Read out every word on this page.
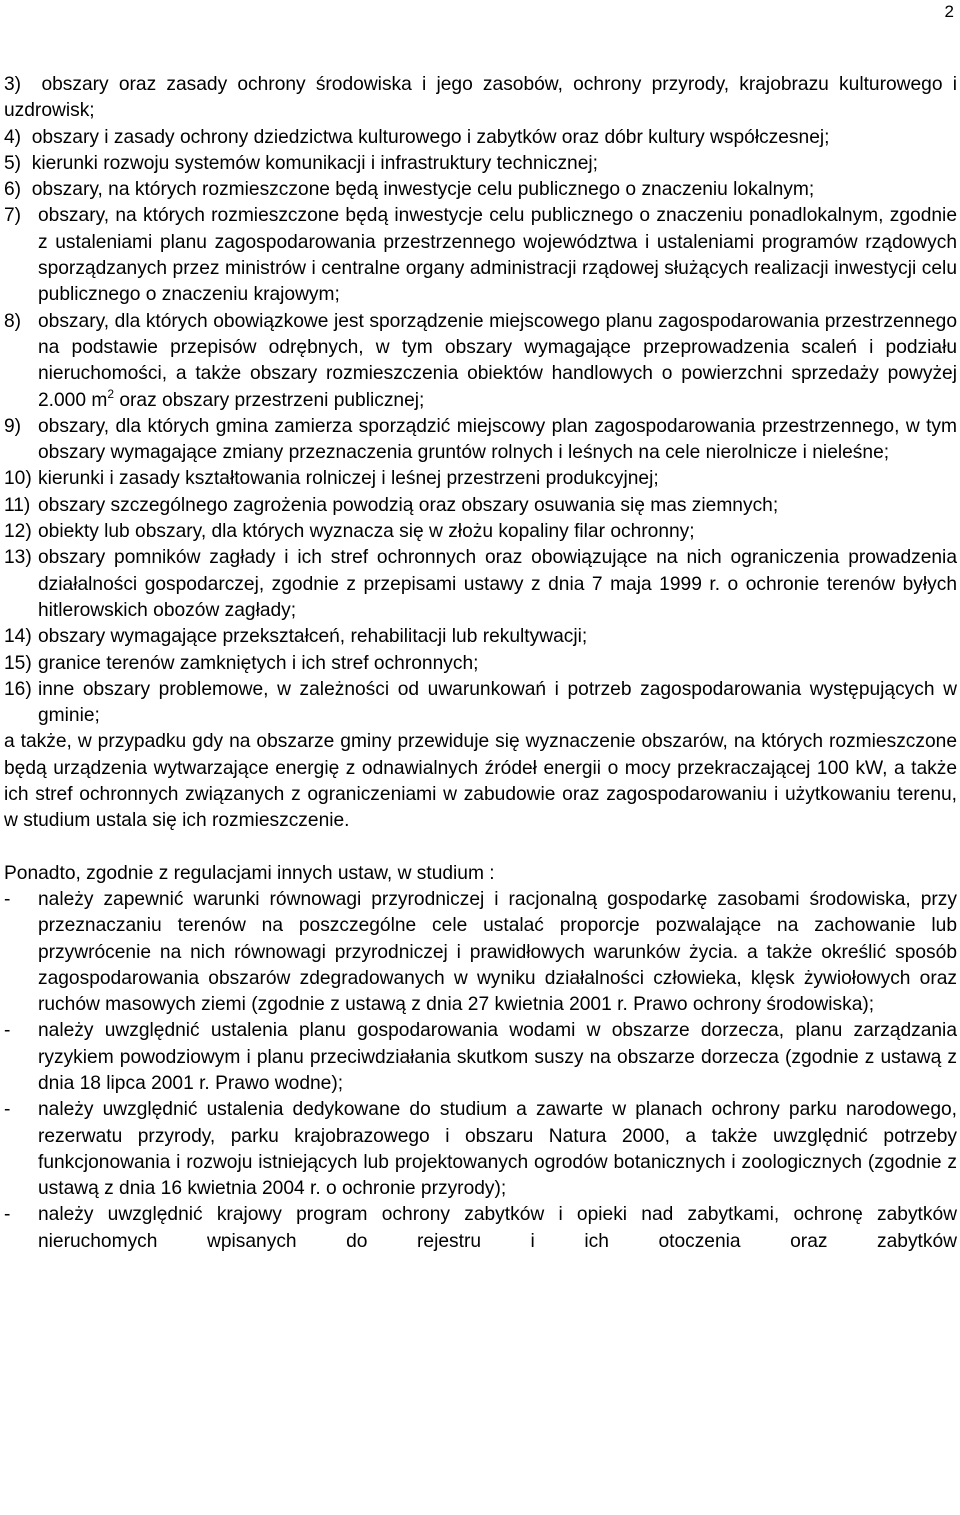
2
3)  obszary oraz zasady ochrony środowiska i jego zasobów, ochrony przyrody, krajobrazu kulturowego i uzdrowisk;
4)  obszary i zasady ochrony dziedzictwa kulturowego i zabytków oraz dóbr kultury współczesnej;
5)  kierunki rozwoju systemów komunikacji i infrastruktury technicznej;
6)  obszary, na których rozmieszczone będą inwestycje celu publicznego o znaczeniu lokalnym;
7) obszary, na których rozmieszczone będą inwestycje celu publicznego o znaczeniu ponadlokalnym, zgodnie z ustaleniami planu zagospodarowania przestrzennego województwa i ustaleniami programów rządowych sporządzanych przez ministrów i centralne organy administracji rządowej służących realizacji inwestycji celu publicznego o znaczeniu krajowym;
8) obszary, dla których obowiązkowe jest sporządzenie miejscowego planu zagospodarowania przestrzennego na podstawie przepisów odrębnych, w tym obszary wymagające przeprowadzenia scaleń i podziału nieruchomości, a także obszary rozmieszczenia obiektów handlowych o powierzchni sprzedaży powyżej 2.000 $m^2$ oraz obszary przestrzeni publicznej;
9) obszary, dla których gmina zamierza sporządzić miejscowy plan zagospodarowania przestrzennego, w tym obszary wymagające zmiany przeznaczenia gruntów rolnych i leśnych na cele nierolnicze i nieleśne;
10) kierunki i zasady kształtowania rolniczej i leśnej przestrzeni produkcyjnej;
11) obszary szczególnego zagrożenia powodzią oraz obszary osuwania się mas ziemnych;
12) obiekty lub obszary, dla których wyznacza się w złożu kopaliny filar ochronny;
13) obszary pomników zagłady i ich stref ochronnych oraz obowiązujące na nich ograniczenia prowadzenia działalności gospodarczej, zgodnie z przepisami ustawy z dnia 7 maja 1999 r. o ochronie terenów byłych hitlerowskich obozów zagłady;
14) obszary wymagające przekształceń, rehabilitacji lub rekultywacji;
15) granice terenów zamkniętych i ich stref ochronnych;
16) inne obszary problemowe, w zależności od uwarunkowań i potrzeb zagospodarowania występujących w gminie;
a także, w przypadku gdy na obszarze gminy przewiduje się wyznaczenie obszarów, na których rozmieszczone będą urządzenia wytwarzające energię z odnawialnych źródeł energii o mocy przekraczającej 100 kW, a także ich stref ochronnych związanych z ograniczeniami w zabudowie oraz zagospodarowaniu i użytkowaniu terenu, w studium ustala się ich rozmieszczenie.
Ponadto, zgodnie z regulacjami innych ustaw, w studium :
-	należy zapewnić warunki równowagi przyrodniczej i racjonalną gospodarkę zasobami środowiska, przy przeznaczaniu terenów na poszczególne cele ustalać proporcje pozwalające na zachowanie lub przywrócenie na nich równowagi przyrodniczej i prawidłowych warunków życia. a także określić sposób zagospodarowania obszarów zdegradowanych w wyniku działalności człowieka, klęsk żywiołowych oraz ruchów masowych ziemi (zgodnie z ustawą z dnia 27 kwietnia 2001 r. Prawo ochrony środowiska);
-	należy uwzględnić ustalenia planu gospodarowania wodami w obszarze dorzecza, planu zarządzania ryzykiem powodziowym i planu przeciwdziałania skutkom suszy na obszarze dorzecza (zgodnie z ustawą z dnia 18 lipca 2001 r. Prawo wodne);
-	należy uwzględnić ustalenia dedykowane do studium a zawarte w planach ochrony parku narodowego, rezerwatu przyrody, parku krajobrazowego i obszaru Natura 2000, a także uwzględnić potrzeby funkcjonowania i rozwoju istniejących lub projektowanych ogrodów botanicznych i zoologicznych (zgodnie z ustawą z dnia 16 kwietnia 2004 r. o ochronie przyrody);
-	należy uwzględnić krajowy program ochrony zabytków i opieki nad zabytkami, ochronę zabytków nieruchomych wpisanych do rejestru i ich otoczenia oraz zabytków
